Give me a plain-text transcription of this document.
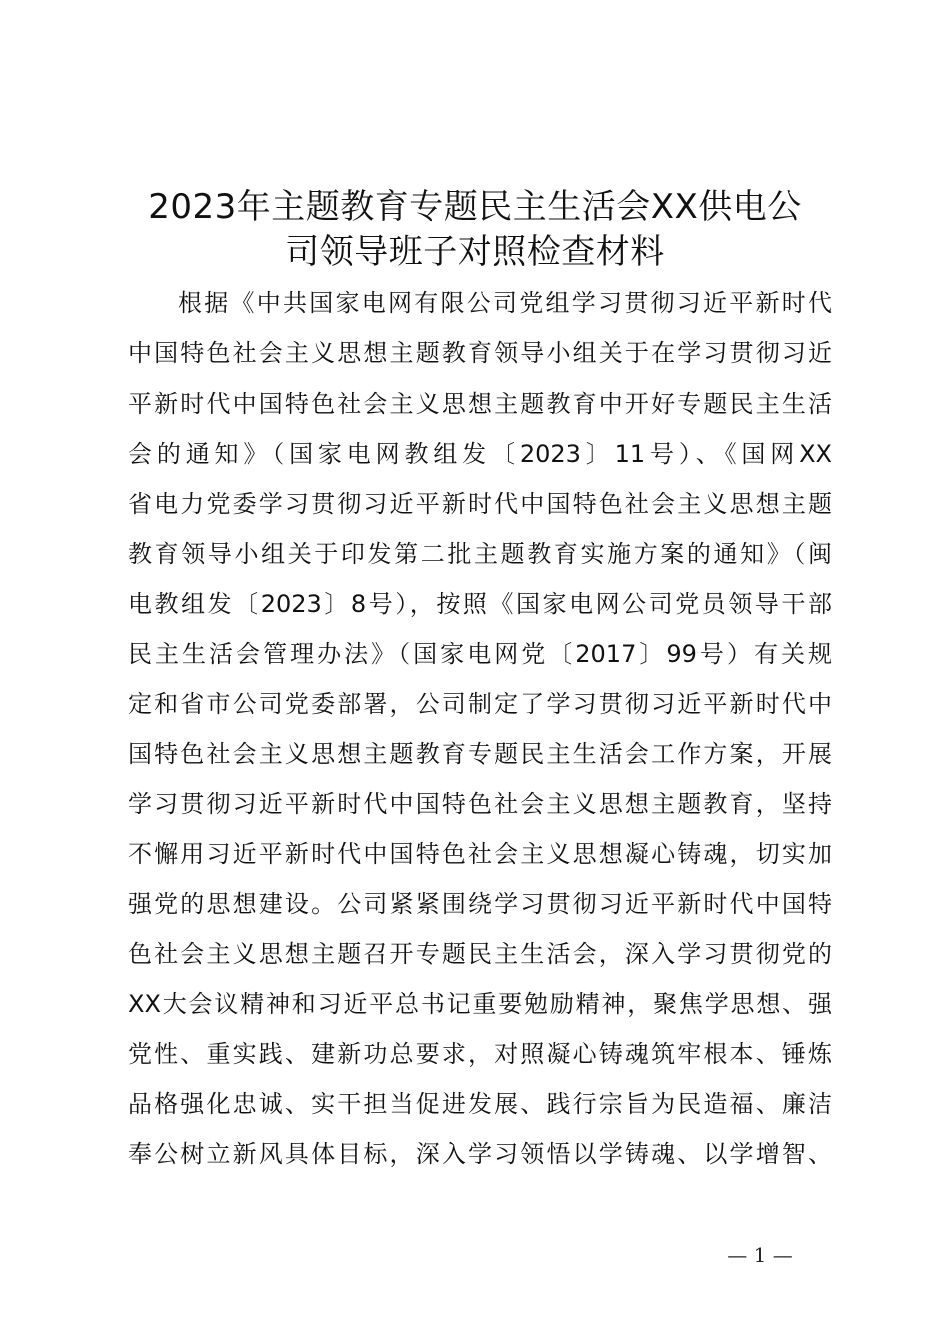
2023年主题教育专题民主生活会XX供电公
司领导班子对照检查材料
根据《中共国家电网有限公司党组学习贯彻习近平新时代
中国特色社会主义思想主题教育领导小组关于在学习贯彻习近
平新时代中国特色社会主义思想主题教育中开好专题民主生活
会的通知》（国家电网教组发〔2023〕11号）、《国网XX
省电力党委学习贯彻习近平新时代中国特色社会主义思想主题
教育领导小组关于印发第二批主题教育实施方案的通知》（闽
电教组发〔2023〕8号），按照《国家电网公司党员领导干部
民主生活会管理办法》（国家电网党〔2017〕99号）有关规
定和省市公司党委部署，公司制定了学习贯彻习近平新时代中
国特色社会主义思想主题教育专题民主生活会工作方案，开展
学习贯彻习近平新时代中国特色社会主义思想主题教育，坚持
不懈用习近平新时代中国特色社会主义思想凝心铸魂，切实加
强党的思想建设。公司紧紧围绕学习贯彻习近平新时代中国特
色社会主义思想主题召开专题民主生活会，深入学习贯彻党的
XX大会议精神和习近平总书记重要勉励精神，聚焦学思想、强
党性、重实践、建新功总要求，对照凝心铸魂筑牢根本、锤炼
品格强化忠诚、实干担当促进发展、践行宗旨为民造福、廉洁
奉公树立新风具体目标，深入学习领悟以学铸魂、以学增智、
— 1 —
